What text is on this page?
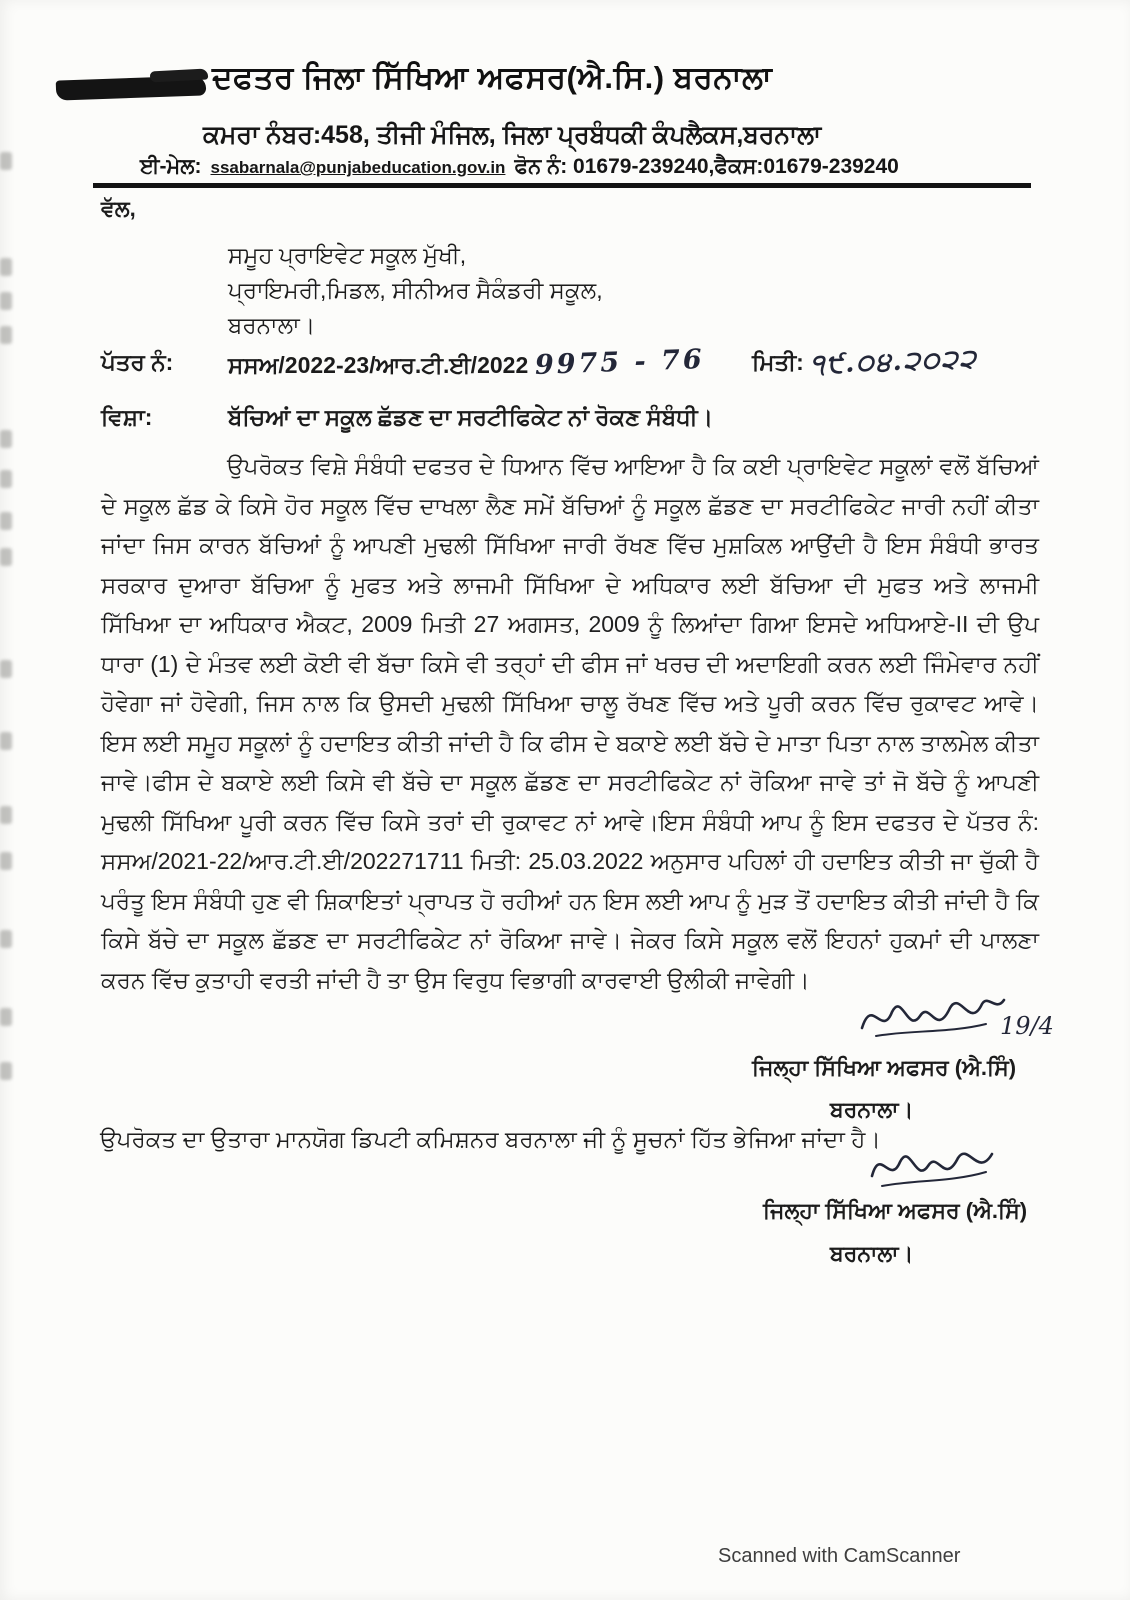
ਦਫਤਰ ਜਿਲਾ ਸਿੱਖਿਆ ਅਫਸਰ(ਐ.ਸਿ.) ਬਰਨਾਲਾ
ਕਮਰਾ ਨੰਬਰ:458, ਤੀਜੀ ਮੰਜਿਲ, ਜਿਲਾ ਪ੍ਰਬੰਧਕੀ ਕੰਪਲੈਕਸ,ਬਰਨਾਲਾ
ਈ-ਮੇਲ: ssabarnala@punjabeducation.gov.in ਫੋਨ ਨੰ: 01679-239240,ਫੈਕਸ:01679-239240
ਵੱਲ,
ਸਮੂਹ ਪ੍ਰਾਇਵੇਟ ਸਕੂਲ ਮੁੱਖੀ,
ਪ੍ਰਾਇਮਰੀ,ਮਿਡਲ, ਸੀਨੀਅਰ ਸੈਕੰਡਰੀ ਸਕੂਲ,
ਬਰਨਾਲਾ।
ਪੱਤਰ ਨੰ: ਸਸਅ/2022-23/ਆਰ.ਟੀ.ਈ/2022 9975 - 76 ਮਿਤੀ: ੧੯.੦੪.੨੦੨੨
ਵਿਸ਼ਾ:	ਬੱਚਿਆਂ ਦਾ ਸਕੂਲ ਛੱਡਣ ਦਾ ਸਰਟੀਫਿਕੇਟ ਨਾਂ ਰੋਕਣ ਸੰਬੰਧੀ।
ਉਪਰੋਕਤ ਵਿਸ਼ੇ ਸੰਬੰਧੀ ਦਫਤਰ ਦੇ ਧਿਆਨ ਵਿੱਚ ਆਇਆ ਹੈ ਕਿ ਕਈ ਪ੍ਰਾਇਵੇਟ ਸਕੂਲਾਂ ਵਲੋਂ ਬੱਚਿਆਂ ਦੇ ਸਕੂਲ ਛੱਡ ਕੇ ਕਿਸੇ ਹੋਰ ਸਕੂਲ ਵਿੱਚ ਦਾਖਲਾ ਲੈਣ ਸਮੇਂ ਬੱਚਿਆਂ ਨੂੰ ਸਕੂਲ ਛੱਡਣ ਦਾ ਸਰਟੀਫਿਕੇਟ ਜਾਰੀ ਨਹੀਂ ਕੀਤਾ ਜਾਂਦਾ ਜਿਸ ਕਾਰਨ ਬੱਚਿਆਂ ਨੂੰ ਆਪਣੀ ਮੁਢਲੀ ਸਿੱਖਿਆ ਜਾਰੀ ਰੱਖਣ ਵਿੱਚ ਮੁਸ਼ਕਿਲ ਆਉਂਦੀ ਹੈ ਇਸ ਸੰਬੰਧੀ ਭਾਰਤ ਸਰਕਾਰ ਦੁਆਰਾ ਬੱਚਿਆ ਨੂੰ ਮੁਫਤ ਅਤੇ ਲਾਜਮੀ ਸਿੱਖਿਆ ਦੇ ਅਧਿਕਾਰ ਲਈ ਬੱਚਿਆ ਦੀ ਮੁਫਤ ਅਤੇ ਲਾਜਮੀ ਸਿੱਖਿਆ ਦਾ ਅਧਿਕਾਰ ਐਕਟ, 2009 ਮਿਤੀ 27 ਅਗਸਤ, 2009 ਨੂੰ ਲਿਆਂਦਾ ਗਿਆ ਇਸਦੇ ਅਧਿਆਏ-II ਦੀ ਉਪ ਧਾਰਾ (1) ਦੇ ਮੰਤਵ ਲਈ ਕੋਈ ਵੀ ਬੱਚਾ ਕਿਸੇ ਵੀ ਤਰ੍ਹਾਂ ਦੀ ਫੀਸ ਜਾਂ ਖਰਚ ਦੀ ਅਦਾਇਗੀ ਕਰਨ ਲਈ ਜਿੰਮੇਵਾਰ ਨਹੀਂ ਹੋਵੇਗਾ ਜਾਂ ਹੋਵੇਗੀ, ਜਿਸ ਨਾਲ ਕਿ ਉਸਦੀ ਮੁਢਲੀ ਸਿੱਖਿਆ ਚਾਲੂ ਰੱਖਣ ਵਿੱਚ ਅਤੇ ਪੂਰੀ ਕਰਨ ਵਿੱਚ ਰੁਕਾਵਟ ਆਵੇ।ਇਸ ਲਈ ਸਮੂਹ ਸਕੂਲਾਂ ਨੂੰ ਹਦਾਇਤ ਕੀਤੀ ਜਾਂਦੀ ਹੈ ਕਿ ਫੀਸ ਦੇ ਬਕਾਏ ਲਈ ਬੱਚੇ ਦੇ ਮਾਤਾ ਪਿਤਾ ਨਾਲ ਤਾਲਮੇਲ ਕੀਤਾ ਜਾਵੇ।ਫੀਸ ਦੇ ਬਕਾਏ ਲਈ ਕਿਸੇ ਵੀ ਬੱਚੇ ਦਾ ਸਕੂਲ ਛੱਡਣ ਦਾ ਸਰਟੀਫਿਕੇਟ ਨਾਂ ਰੋਕਿਆ ਜਾਵੇ ਤਾਂ ਜੋ ਬੱਚੇ ਨੂੰ ਆਪਣੀ ਮੁਢਲੀ ਸਿੱਖਿਆ ਪੂਰੀ ਕਰਨ ਵਿੱਚ ਕਿਸੇ ਤਰਾਂ ਦੀ ਰੁਕਾਵਟ ਨਾਂ ਆਵੇ।ਇਸ ਸੰਬੰਧੀ ਆਪ ਨੂੰ ਇਸ ਦਫਤਰ ਦੇ ਪੱਤਰ ਨੰ: ਸਸਅ/2021-22/ਆਰ.ਟੀ.ਈ/202271711 ਮਿਤੀ: 25.03.2022 ਅਨੁਸਾਰ ਪਹਿਲਾਂ ਹੀ ਹਦਾਇਤ ਕੀਤੀ ਜਾ ਚੁੱਕੀ ਹੈ ਪਰੰਤੂ ਇਸ ਸੰਬੰਧੀ ਹੁਣ ਵੀ ਸ਼ਿਕਾਇਤਾਂ ਪ੍ਰਾਪਤ ਹੋ ਰਹੀਆਂ ਹਨ ਇਸ ਲਈ ਆਪ ਨੂੰ ਮੁੜ ਤੋਂ ਹਦਾਇਤ ਕੀਤੀ ਜਾਂਦੀ ਹੈ ਕਿ ਕਿਸੇ ਬੱਚੇ ਦਾ ਸਕੂਲ ਛੱਡਣ ਦਾ ਸਰਟੀਫਿਕੇਟ ਨਾਂ ਰੋਕਿਆ ਜਾਵੇ। ਜੇਕਰ ਕਿਸੇ ਸਕੂਲ ਵਲੋਂ ਇਹਨਾਂ ਹੁਕਮਾਂ ਦੀ ਪਾਲਣਾ ਕਰਨ ਵਿੱਚ ਕੁਤਾਹੀ ਵਰਤੀ ਜਾਂਦੀ ਹੈ ਤਾ ਉਸ ਵਿਰੁਧ ਵਿਭਾਗੀ ਕਾਰਵਾਈ ਉਲੀਕੀ ਜਾਵੇਗੀ।
19/4
ਜਿਲ੍ਹਾ ਸਿੱਖਿਆ ਅਫਸਰ (ਐ.ਸਿੰ)
ਬਰਨਾਲਾ।
ਉਪਰੋਕਤ ਦਾ ਉਤਾਰਾ ਮਾਨਯੋਗ ਡਿਪਟੀ ਕਮਿਸ਼ਨਰ ਬਰਨਾਲਾ ਜੀ ਨੂੰ ਸੂਚਨਾਂ ਹਿੱਤ ਭੇਜਿਆ ਜਾਂਦਾ ਹੈ।
ਜਿਲ੍ਹਾ ਸਿੱਖਿਆ ਅਫਸਰ (ਐ.ਸਿੰ)
ਬਰਨਾਲਾ।
Scanned with CamScanner
